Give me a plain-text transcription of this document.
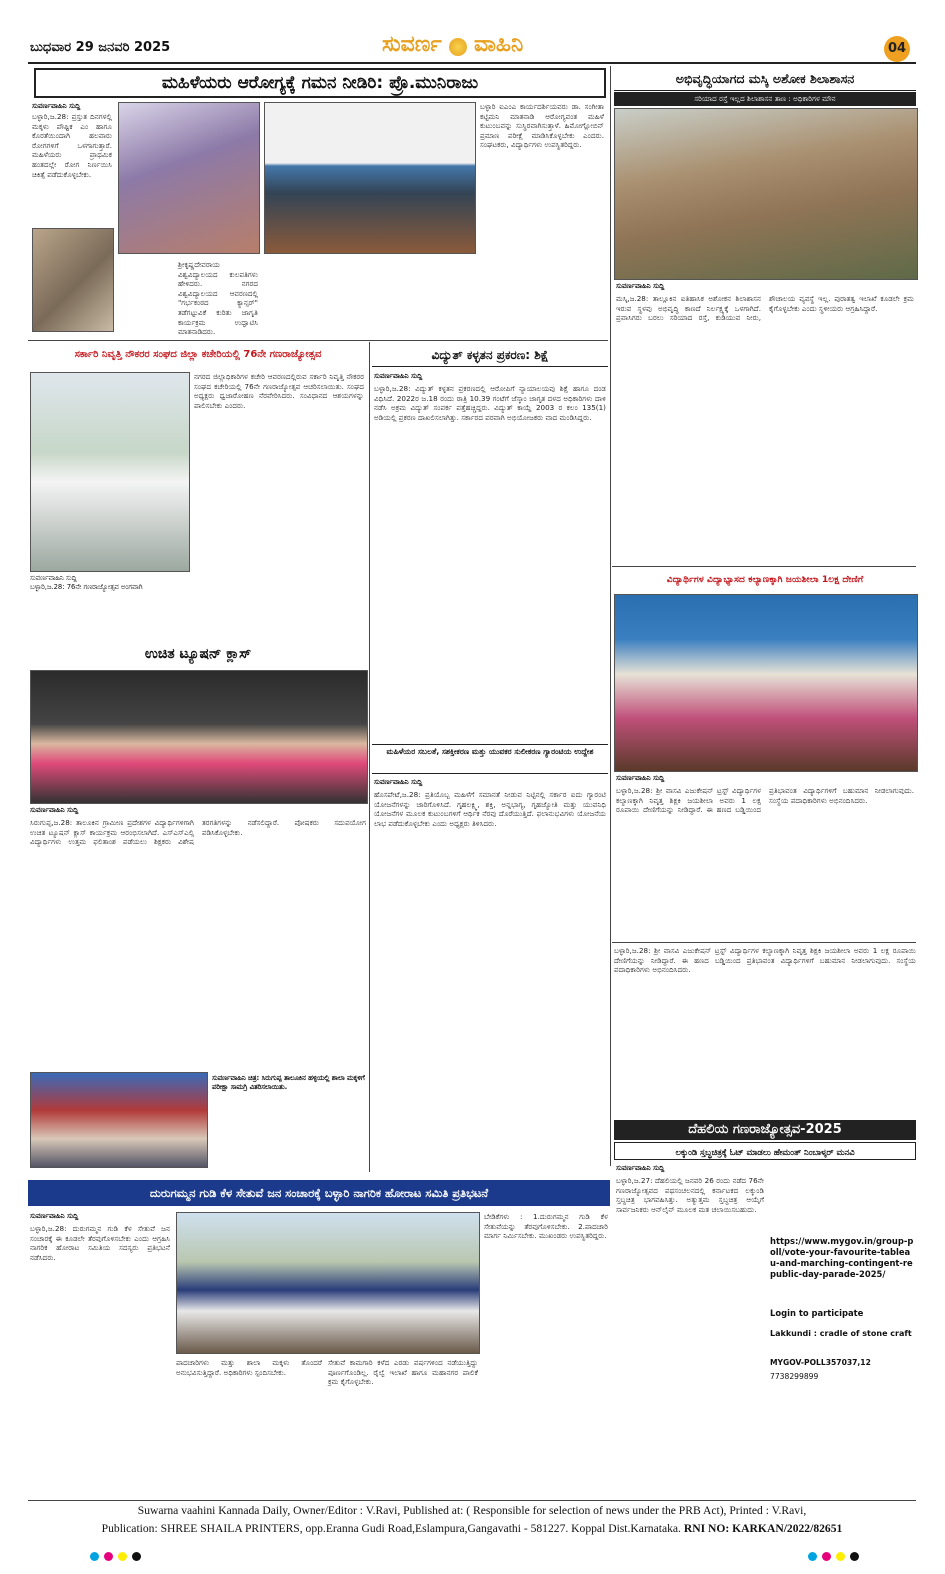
ಬುಧವಾರ 29 ಜನವರಿ 2025	ಸುವರ್ಣ ವಾಹಿನಿ	04
ಮಹಿಳೆಯರು ಆರೋಗ್ಯಕ್ಕೆ ಗಮನ ನೀಡಿರಿ: ಪ್ರೊ.ಮುನಿರಾಜು
ಸುವರ್ಣವಾಹಿನಿ ಸುದ್ದಿ
ಬಳ್ಳಾರಿ,ಜ.28: ಪ್ರಸ್ತುತ ದಿನಗಳಲ್ಲಿ ಮಕ್ಕಳು ಪೌಷ್ಟಿಕ ಎಂ ಹಾಗೂ ಕೊರತೆಯಿಂದಾಗಿ ಹಲವಾರು ರೋಗಗಳಿಗೆ ಒಳಗಾಗುತ್ತಾರೆ. ಮಹಿಳೆಯರು ಪ್ರಾಥಮಿಕ ಹಂತದಲ್ಲೇ ರೋಗ ನಿರ್ಣಯಿಸಿ ಚಿಕಿತ್ಸೆ ಪಡೆದುಕೊಳ್ಳಬೇಕು.
ಶ್ರೀಕೃಷ್ಣದೇವರಾಯ ವಿಶ್ವವಿದ್ಯಾಲಯದ ಕುಲಪತಿಗಳು ಹೇಳಿದರು. ನಗರದ ವಿಶ್ವವಿದ್ಯಾಲಯದ ಆವರಣದಲ್ಲಿ "ಗರ್ಭಕಂಠದ ಕ್ಯಾನ್ಸರ್" ತಡೆಗಟ್ಟುವಿಕೆ ಕುರಿತು ಜಾಗೃತಿ ಕಾರ್ಯಕ್ರಮ ಉದ್ಘಾಟಿಸಿ ಮಾತನಾಡಿದರು.
ಬಳ್ಳಾರಿ ಐಎಂಎ ಕಾರ್ಯದರ್ಶಿಯವರು ಡಾ. ಸಂಗೀತಾ ಕಟ್ಟಿಮನಿ ಮಾತನಾಡಿ ಆರೋಗ್ಯವಂತ ಮಹಿಳೆ ಕುಟುಂಬವನ್ನು ಸುಸ್ಥಿರವಾಗಿಸುತ್ತಾಳೆ. ಹಿಮೋಗ್ಲೋಬಿನ್ ಪ್ರಮಾಣ ಪರೀಕ್ಷೆ ಮಾಡಿಸಿಕೊಳ್ಳಬೇಕು ಎಂದರು. ಸಂಘಟಕರು, ವಿದ್ಯಾರ್ಥಿಗಳು ಉಪಸ್ಥಿತರಿದ್ದರು.
ಅಭಿವೃದ್ಧಿಯಾಗದ ಮಸ್ಕಿ ಅಶೋಕ ಶಿಲಾಶಾಸನ
ಸರಿಯಾದ ರಸ್ತೆ ಇಲ್ಲದ ಶಿಲಾಶಾಸನ ತಾಣ : ಅಧಿಕಾರಿಗಳ ಮೌನ
ಸುವರ್ಣವಾಹಿನಿ ಸುದ್ದಿ
ಮಸ್ಕಿ,ಜ.28: ತಾಲ್ಲೂಕಿನ ಐತಿಹಾಸಿಕ ಅಶೋಕನ ಶಿಲಾಶಾಸನ ಇರುವ ಸ್ಥಳವು ಅಭಿವೃದ್ಧಿ ಕಾಣದೆ ನಿರ್ಲಕ್ಷ್ಯಕ್ಕೆ ಒಳಗಾಗಿದೆ. ಪ್ರವಾಸಿಗರು ಬರಲು ಸರಿಯಾದ ರಸ್ತೆ, ಕುಡಿಯುವ ನೀರು, ಶೌಚಾಲಯ ವ್ಯವಸ್ಥೆ ಇಲ್ಲ. ಪುರಾತತ್ವ ಇಲಾಖೆ ಕೂಡಲೇ ಕ್ರಮ ಕೈಗೊಳ್ಳಬೇಕು ಎಂದು ಸ್ಥಳೀಯರು ಆಗ್ರಹಿಸಿದ್ದಾರೆ.
ಸರ್ಕಾರಿ ನಿವೃತ್ತಿ ನೌಕರರ ಸಂಘದ ಜಿಲ್ಲಾ ಕಚೇರಿಯಲ್ಲಿ 76ನೇ ಗಣರಾಜ್ಯೋತ್ಸವ
ಸುವರ್ಣವಾಹಿನಿ ಸುದ್ದಿ
ಬಳ್ಳಾರಿ,ಜ.28: 76ನೇ ಗಣರಾಜ್ಯೋತ್ಸವ ಅಂಗವಾಗಿ
ನಗರದ ಜಿಲ್ಲಾಧಿಕಾರಿಗಳ ಕಚೇರಿ ಆವರಣದಲ್ಲಿರುವ ಸರ್ಕಾರಿ ನಿವೃತ್ತಿ ನೌಕರರ ಸಂಘದ ಕಚೇರಿಯಲ್ಲಿ 76ನೇ ಗಣರಾಜ್ಯೋತ್ಸವ ಆಚರಿಸಲಾಯಿತು. ಸಂಘದ ಅಧ್ಯಕ್ಷರು ಧ್ವಜಾರೋಹಣ ನೆರವೇರಿಸಿದರು. ಸಂವಿಧಾನದ ಆಶಯಗಳನ್ನು ಪಾಲಿಸಬೇಕು ಎಂದರು.
ವಿದ್ಯುತ್ ಕಳ್ಳತನ ಪ್ರಕರಣ: ಶಿಕ್ಷೆ
ಸುವರ್ಣವಾಹಿನಿ ಸುದ್ದಿ
ಬಳ್ಳಾರಿ,ಜ.28: ವಿದ್ಯುತ್ ಕಳ್ಳತನ ಪ್ರಕರಣದಲ್ಲಿ ಆರೋಪಿಗೆ ನ್ಯಾಯಾಲಯವು ಶಿಕ್ಷೆ ಹಾಗೂ ದಂಡ ವಿಧಿಸಿದೆ. 2022ರ ಜ.18 ರಂದು ರಾತ್ರಿ 10.39 ಗಂಟೆಗೆ ಜೆಸ್ಕಾಂ ಜಾಗೃತ ದಳದ ಅಧಿಕಾರಿಗಳು ದಾಳಿ ನಡೆಸಿ ಅಕ್ರಮ ವಿದ್ಯುತ್ ಸಂಪರ್ಕ ಪತ್ತೆಹಚ್ಚಿದ್ದರು. ವಿದ್ಯುತ್ ಕಾಯ್ದೆ 2003 ರ ಕಲಂ 135(1) ಅಡಿಯಲ್ಲಿ ಪ್ರಕರಣ ದಾಖಲಿಸಲಾಗಿತ್ತು. ಸರ್ಕಾರದ ಪರವಾಗಿ ಅಭಿಯೋಜಕರು ವಾದ ಮಂಡಿಸಿದ್ದರು.
ವಿದ್ಯಾರ್ಥಿಗಳ ವಿದ್ಯಾಭ್ಯಾಸದ ಕಲ್ಯಾಣಕ್ಕಾಗಿ ಜಯಶೀಲಾ 1ಲಕ್ಷ ದೇಣಿಗೆ
ಸುವರ್ಣವಾಹಿನಿ ಸುದ್ದಿ
ಬಳ್ಳಾರಿ,ಜ.28: ಶ್ರೀ ವಾಸವಿ ಎಜುಕೇಷನ್ ಟ್ರಸ್ಟ್ ವಿದ್ಯಾರ್ಥಿಗಳ ಕಲ್ಯಾಣಕ್ಕಾಗಿ ನಿವೃತ್ತ ಶಿಕ್ಷಕಿ ಜಯಶೀಲಾ ಅವರು 1 ಲಕ್ಷ ರೂಪಾಯಿ ದೇಣಿಗೆಯನ್ನು ನೀಡಿದ್ದಾರೆ. ಈ ಹಣದ ಬಡ್ಡಿಯಿಂದ ಪ್ರತಿಭಾವಂತ ವಿದ್ಯಾರ್ಥಿಗಳಿಗೆ ಬಹುಮಾನ ನೀಡಲಾಗುವುದು. ಸಂಸ್ಥೆಯ ಪದಾಧಿಕಾರಿಗಳು ಅಭಿನಂದಿಸಿದರು.
ಬಳ್ಳಾರಿ,ಜ.28: ಶ್ರೀ ವಾಸವಿ ಎಜುಕೇಷನ್ ಟ್ರಸ್ಟ್ ವಿದ್ಯಾರ್ಥಿಗಳ ಕಲ್ಯಾಣಕ್ಕಾಗಿ ನಿವೃತ್ತ ಶಿಕ್ಷಕಿ ಜಯಶೀಲಾ ಅವರು 1 ಲಕ್ಷ ರೂಪಾಯಿ ದೇಣಿಗೆಯನ್ನು ನೀಡಿದ್ದಾರೆ. ಈ ಹಣದ ಬಡ್ಡಿಯಿಂದ ಪ್ರತಿಭಾವಂತ ವಿದ್ಯಾರ್ಥಿಗಳಿಗೆ ಬಹುಮಾನ ನೀಡಲಾಗುವುದು. ಸಂಸ್ಥೆಯ ಪದಾಧಿಕಾರಿಗಳು ಅಭಿನಂದಿಸಿದರು.
ಉಚಿತ ಟ್ಯೂಷನ್ ಕ್ಲಾಸ್
ಸುವರ್ಣವಾಹಿನಿ ಸುದ್ದಿ
ಸಿರುಗುಪ್ಪ,ಜ.28: ತಾಲೂಕಿನ ಗ್ರಾಮೀಣ ಪ್ರದೇಶಗಳ ವಿದ್ಯಾರ್ಥಿಗಳಿಗಾಗಿ ಉಚಿತ ಟ್ಯೂಷನ್ ಕ್ಲಾಸ್ ಕಾರ್ಯಕ್ರಮ ಆರಂಭಿಸಲಾಗಿದೆ. ಎಸ್ಎಸ್ಎಲ್ಸಿ ವಿದ್ಯಾರ್ಥಿಗಳು ಉತ್ತಮ ಫಲಿತಾಂಶ ಪಡೆಯಲು ಶಿಕ್ಷಕರು ವಿಶೇಷ ತರಗತಿಗಳನ್ನು ನಡೆಸಲಿದ್ದಾರೆ. ಪೋಷಕರು ಸದುಪಯೋಗ ಪಡಿಸಿಕೊಳ್ಳಬೇಕು.
ಸುವರ್ಣವಾಹಿನಿ ಚಿತ್ರ: ಸಿರುಗುಪ್ಪ ತಾಲೂಕಿನ ಹಳ್ಳಿಯಲ್ಲಿ ಶಾಲಾ ಮಕ್ಕಳಿಗೆ ಪರೀಕ್ಷಾ ಸಾಮಗ್ರಿ ವಿತರಿಸಲಾಯಿತು.
ಮಹಿಳೆಯರ ಸಬಲತೆ, ಸಶಕ್ತೀಕರಣ ಮತ್ತು ಯುವಕರ ಸುಲೀಕರಣ ಗ್ಯಾರಂಟಿಯ ಉದ್ದೇಶ
ಸುವರ್ಣವಾಹಿನಿ ಸುದ್ದಿ
ಹೊಸಪೇಟೆ,ಜ.28: ಪ್ರತಿಯೊಬ್ಬ ಮಹಿಳೆಗೆ ಸಮಾನತೆ ನೀಡುವ ನಿಟ್ಟಿನಲ್ಲಿ ಸರ್ಕಾರ ಐದು ಗ್ಯಾರಂಟಿ ಯೋಜನೆಗಳನ್ನು ಜಾರಿಗೊಳಿಸಿದೆ. ಗೃಹಲಕ್ಷ್ಮಿ, ಶಕ್ತಿ, ಅನ್ನಭಾಗ್ಯ, ಗೃಹಜ್ಯೋತಿ ಮತ್ತು ಯುವನಿಧಿ ಯೋಜನೆಗಳ ಮೂಲಕ ಕುಟುಂಬಗಳಿಗೆ ಆರ್ಥಿಕ ನೆರವು ದೊರೆಯುತ್ತಿದೆ. ಫಲಾನುಭವಿಗಳು ಯೋಜನೆಯ ಲಾಭ ಪಡೆದುಕೊಳ್ಳಬೇಕು ಎಂದು ಅಧ್ಯಕ್ಷರು ತಿಳಿಸಿದರು.
ದೆಹಲಿಯ ಗಣರಾಜ್ಯೋತ್ಸವ-2025
ಲಕ್ಕುಂಡಿ ಸ್ತಬ್ಧಚಿತ್ರಕ್ಕೆ ಓಟ್ ಮಾಡಲು ಹೇಮಂತ್ ನಿಂಬಾಳ್ಕರ್ ಮನವಿ
ಸುವರ್ಣವಾಹಿನಿ ಸುದ್ದಿ
ಬಳ್ಳಾರಿ,ಜ.27: ದೆಹಲಿಯಲ್ಲಿ ಜನವರಿ 26 ರಂದು ನಡೆದ 76ನೇ ಗಣರಾಜ್ಯೋತ್ಸವದ ಪಥಸಂಚಲನದಲ್ಲಿ ಕರ್ನಾಟಕದ ಲಕ್ಕುಂಡಿ ಸ್ತಬ್ಧಚಿತ್ರ ಭಾಗವಹಿಸಿತ್ತು. ಅತ್ಯುತ್ತಮ ಸ್ತಬ್ಧಚಿತ್ರ ಆಯ್ಕೆಗೆ ಸಾರ್ವಜನಿಕರು ಆನ್‌ಲೈನ್ ಮೂಲಕ ಮತ ಚಲಾಯಿಸಬಹುದು.
https://www.mygov.in/group-poll/vote-your-favourite-tableau-and-marching-contingent-republic-day-parade-2025/
Login to participate
Lakkundi : cradle of stone craft
MYGOV-POLL357037,12
7738299899
ದುರುಗಮ್ಮನ ಗುಡಿ ಕೆಳ ಸೇತುವೆ ಜನ ಸಂಚಾರಕ್ಕೆ ಬಳ್ಳಾರಿ ನಾಗರಿಕ ಹೋರಾಟ ಸಮಿತಿ ಪ್ರತಿಭಟನೆ
ಸುವರ್ಣವಾಹಿನಿ ಸುದ್ದಿ
ಬಳ್ಳಾರಿ,ಜ.28: ದುರುಗಮ್ಮನ ಗುಡಿ ಕೆಳ ಸೇತುವೆ ಜನ ಸಂಚಾರಕ್ಕೆ ಈ ಕೂಡಲೇ ತೆರವುಗೊಳಿಸಬೇಕು ಎಂದು ಆಗ್ರಹಿಸಿ ನಾಗರಿಕ ಹೋರಾಟ ಸಮಿತಿಯ ಸದಸ್ಯರು ಪ್ರತಿಭಟನೆ ನಡೆಸಿದರು.
ಪಾದಚಾರಿಗಳು ಮತ್ತು ಶಾಲಾ ಮಕ್ಕಳು ತೊಂದರೆ ಅನುಭವಿಸುತ್ತಿದ್ದಾರೆ. ಅಧಿಕಾರಿಗಳು ಸ್ಪಂದಿಸಬೇಕು.
ಸೇತುವೆ ಕಾಮಗಾರಿ ಕಳೆದ ಎರಡು ವರ್ಷಗಳಿಂದ ನಡೆಯುತ್ತಿದ್ದು ಪೂರ್ಣಗೊಂಡಿಲ್ಲ. ರೈಲ್ವೆ ಇಲಾಖೆ ಹಾಗೂ ಮಹಾನಗರ ಪಾಲಿಕೆ ಕ್ರಮ ಕೈಗೊಳ್ಳಬೇಕು.
ಬೇಡಿಕೆಗಳು : 1.ದುರುಗಮ್ಮನ ಗುಡಿ ಕೆಳ ಸೇತುವೆಯನ್ನು ತೆರವುಗೊಳಿಸಬೇಕು. 2.ಪಾದಚಾರಿ ಮಾರ್ಗ ನಿರ್ಮಿಸಬೇಕು. ಮುಖಂಡರು ಉಪಸ್ಥಿತರಿದ್ದರು.
Suwarna vaahini Kannada Daily, Owner/Editor : V.Ravi, Published at: ( Responsible for selection of news under the PRB Act), Printed : V.Ravi,
Publication: SHREE SHAILA PRINTERS, opp.Eranna Gudi Road,Eslampura,Gangavathi - 581227. Koppal Dist.Karnataka. RNI NO: KARKAN/2022/82651
